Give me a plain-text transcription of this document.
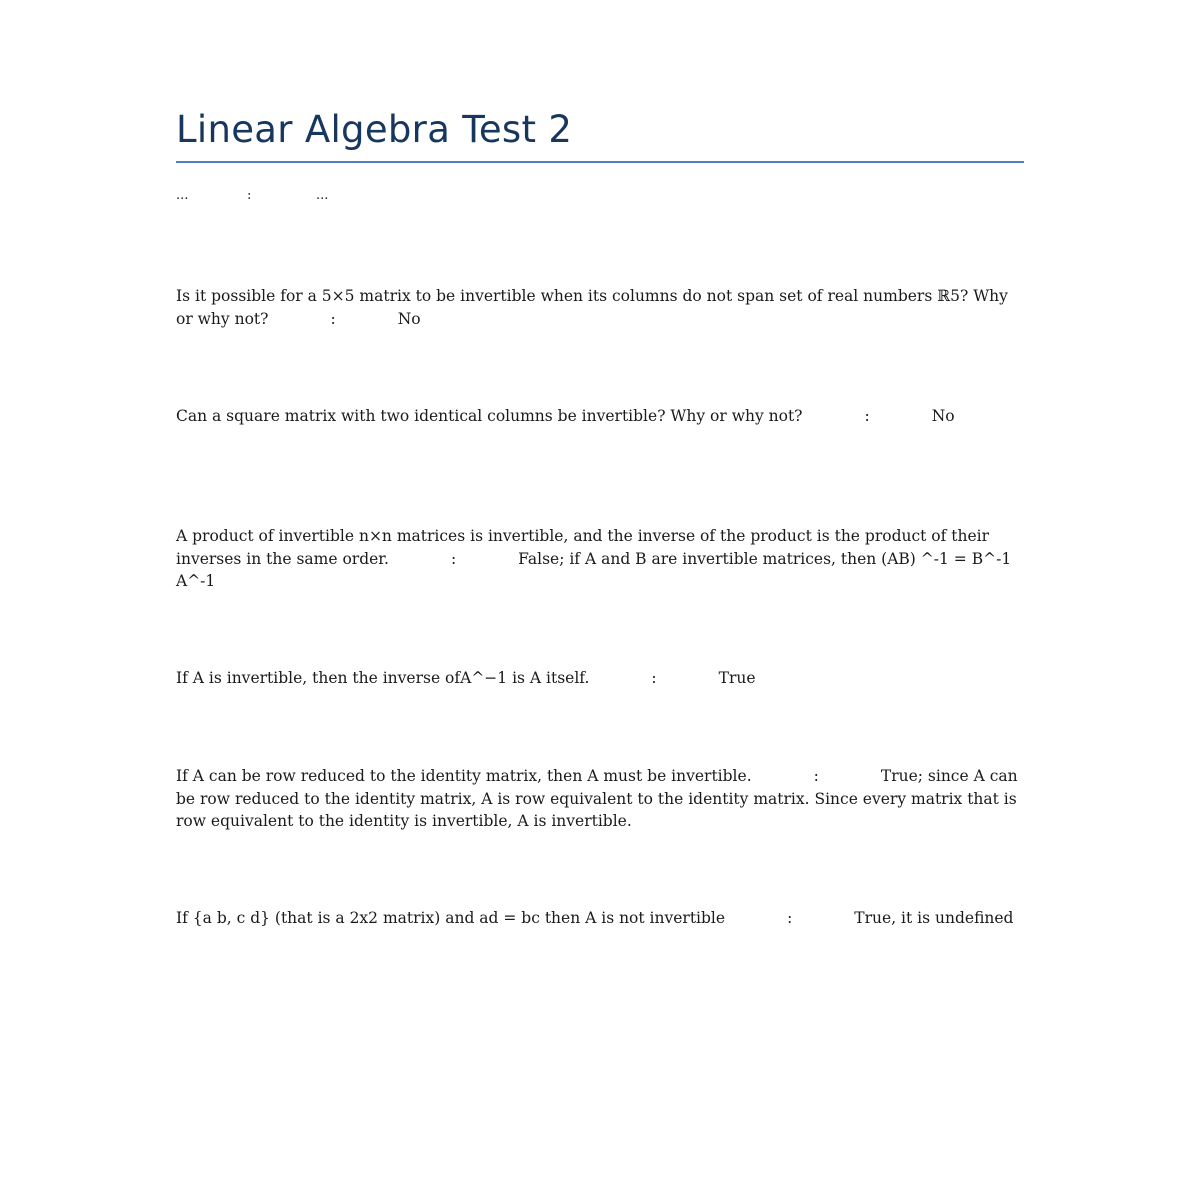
Linear Algebra Test 2
...	:	...
Is it possible for a 5×5 matrix to be invertible when its columns do not span set of real numbers ℝ5? Why or why not?	:	No
Can a square matrix with two identical columns be invertible? Why or why not?	:	No
A product of invertible n×n matrices is invertible, and the inverse of the product is the product of their inverses in the same order.	:	False; if A and B are invertible matrices, then (AB) ^-1 = B^-1 A^-1
If A is invertible, then the inverse ofA^−1 is A itself.	:	True
If A can be row reduced to the identity matrix, then A must be invertible.	:	True; since A can be row reduced to the identity matrix, A is row equivalent to the identity matrix. Since every matrix that is row equivalent to the identity is invertible, A is invertible.
If {a b, c d} (that is a 2x2 matrix) and ad = bc then A is not invertible	:	True, it is undefined
